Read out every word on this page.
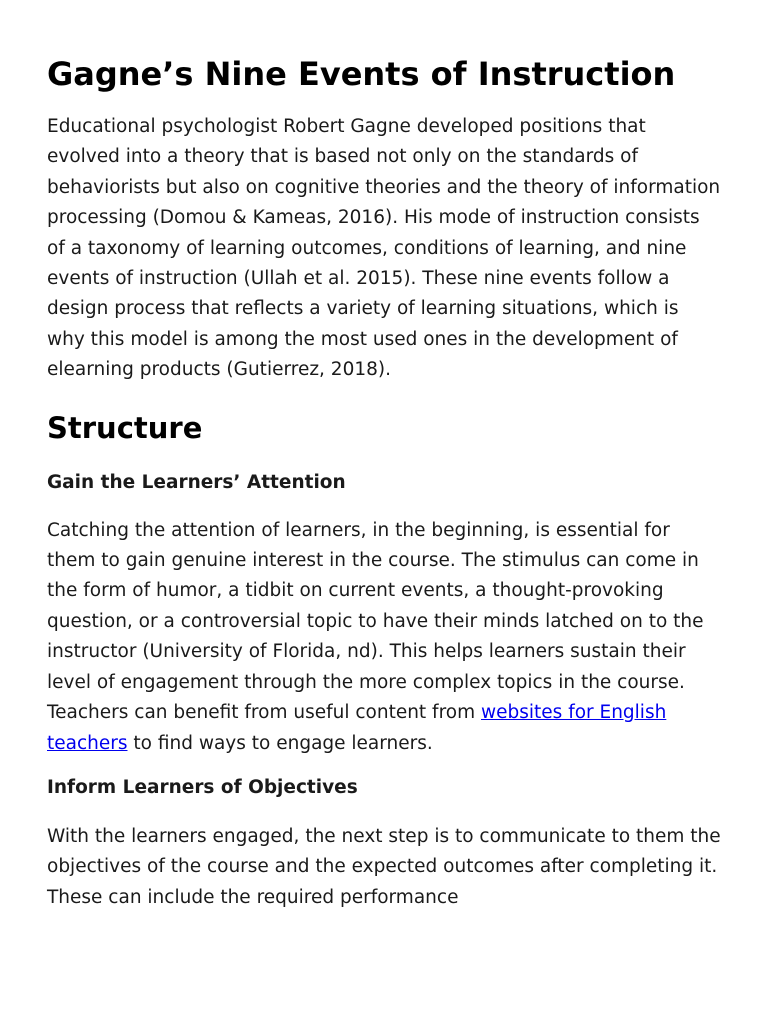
Gagne’s Nine Events of Instruction

Educational psychologist Robert Gagne developed positions that evolved into a theory that is based not only on the standards of behaviorists but also on cognitive theories and the theory of information processing (Domou & Kameas, 2016). His mode of instruction consists of a taxonomy of learning outcomes, conditions of learning, and nine events of instruction (Ullah et al. 2015). These nine events follow a design process that reflects a variety of learning situations, which is why this model is among the most used ones in the development of elearning products (Gutierrez, 2018).

Structure
Gain the Learners’ Attention

Catching the attention of learners, in the beginning, is essential for them to gain genuine interest in the course. The stimulus can come in the form of humor, a tidbit on current events, a thought-provoking question, or a controversial topic to have their minds latched on to the instructor (University of Florida, nd). This helps learners sustain their level of engagement through the more complex topics in the course. Teachers can benefit from useful content from websites for English teachers to find ways to engage learners.

Inform Learners of Objectives

With the learners engaged, the next step is to communicate to them the objectives of the course and the expected outcomes after completing it. These can include the required performance
